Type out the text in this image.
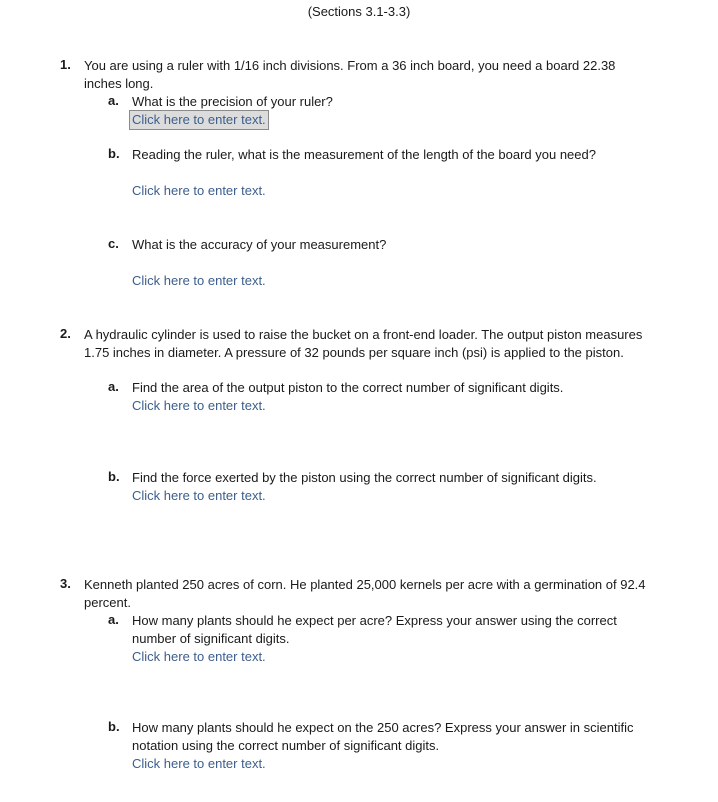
(Sections 3.1-3.3)
1. You are using a ruler with 1/16 inch divisions. From a 36 inch board, you need a board 22.38 inches long.
a. What is the precision of your ruler?
Click here to enter text.
b. Reading the ruler, what is the measurement of the length of the board you need?
Click here to enter text.
c. What is the accuracy of your measurement?
Click here to enter text.
2. A hydraulic cylinder is used to raise the bucket on a front-end loader. The output piston measures 1.75 inches in diameter. A pressure of 32 pounds per square inch (psi) is applied to the piston.
a. Find the area of the output piston to the correct number of significant digits.
Click here to enter text.
b. Find the force exerted by the piston using the correct number of significant digits.
Click here to enter text.
3. Kenneth planted 250 acres of corn. He planted 25,000 kernels per acre with a germination of 92.4 percent.
a. How many plants should he expect per acre? Express your answer using the correct number of significant digits.
Click here to enter text.
b. How many plants should he expect on the 250 acres? Express your answer in scientific notation using the correct number of significant digits.
Click here to enter text.
